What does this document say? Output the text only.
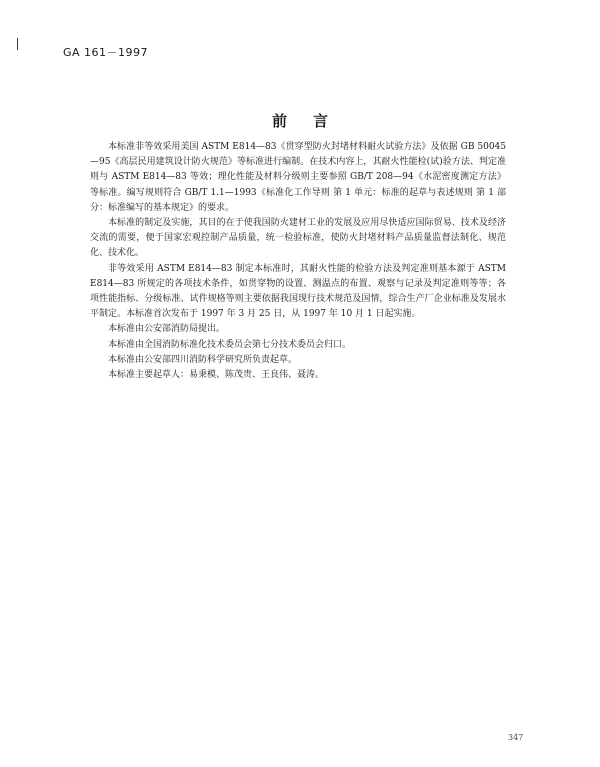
GA 161－1997
前言

本标准非等效采用美国 ASTM E814—83《贯穿型防火封堵材料耐火试验方法》及依据 GB 50045—95《高层民用建筑设计防火规范》等标准进行编制。在技术内容上，其耐火性能检(试)验方法、判定准则与 ASTM E814—83 等效；理化性能及材料分级则主要参照 GB/T 208—94《水泥密度测定方法》等标准。编写规则符合 GB/T 1.1—1993《标准化工作导则 第 1 单元：标准的起草与表述规则 第 1 部分：标准编写的基本规定》的要求。

本标准的制定及实施，其目的在于使我国防火建材工业的发展及应用尽快适应国际贸易、技术及经济交流的需要，便于国家宏观控制产品质量，统一检验标准，使防火封堵材料产品质量监督法制化、规范化、技术化。

非等效采用 ASTM E814—83 制定本标准时，其耐火性能的检验方法及判定准则基本源于 ASTM E814—83 所规定的各项技术条件，如贯穿物的设置、测温点的布置、观察与记录及判定准则等等；各项性能指标、分级标准、试件规格等则主要依据我国现行技术规范及国情，综合生产厂企业标准及发展水平制定。本标准首次发布于 1997 年 3 月 25 日，从 1997 年 10 月 1 日起实施。

本标准由公安部消防局提出。

本标准由全国消防标准化技术委员会第七分技术委员会归口。

本标准由公安部四川消防科学研究所负责起草。

本标准主要起草人：易秉模、陈茂贵、王良伟、聂涛。

347
